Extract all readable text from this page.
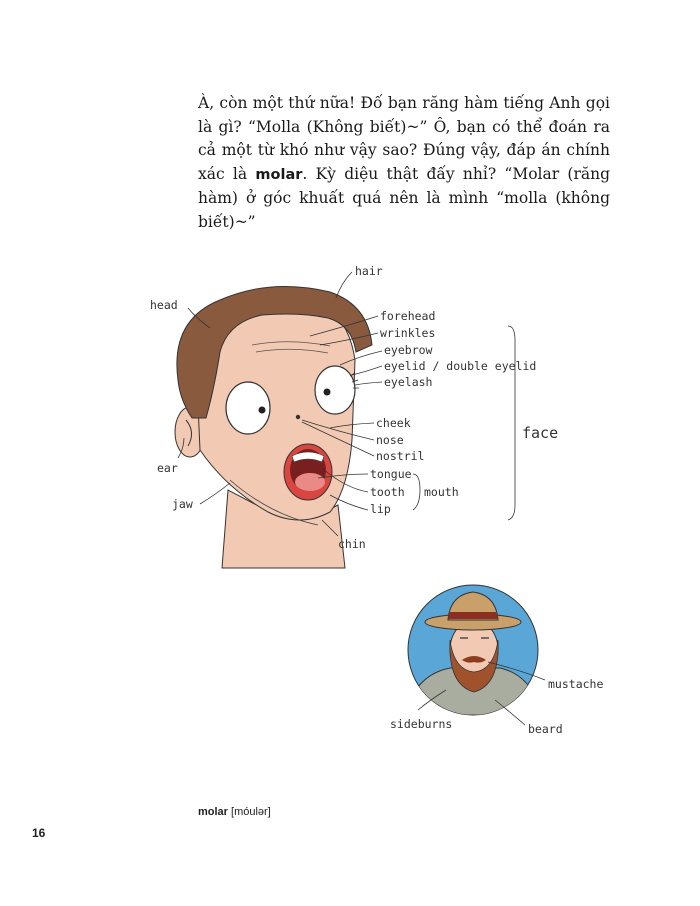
À, còn một thứ nữa! Đố bạn răng hàm tiếng Anh gọi là gì? “Molla (Không biết)~” Ô, bạn có thể đoán ra cả một từ khó như vậy sao? Đúng vậy, đáp án chính xác là molar. Kỳ diệu thật đấy nhỉ? “Molar (răng hàm) ở góc khuất quá nên là mình “molla (không biết)~”

hair
head
forehead
wrinkles
eyebrow
eyelid / double eyelid
eyelash
cheek
nose
nostril
ear	tongue
tooth
lip
mouth
jaw
chin
face
mustache
sideburns	beard
molar [móulər]
16
